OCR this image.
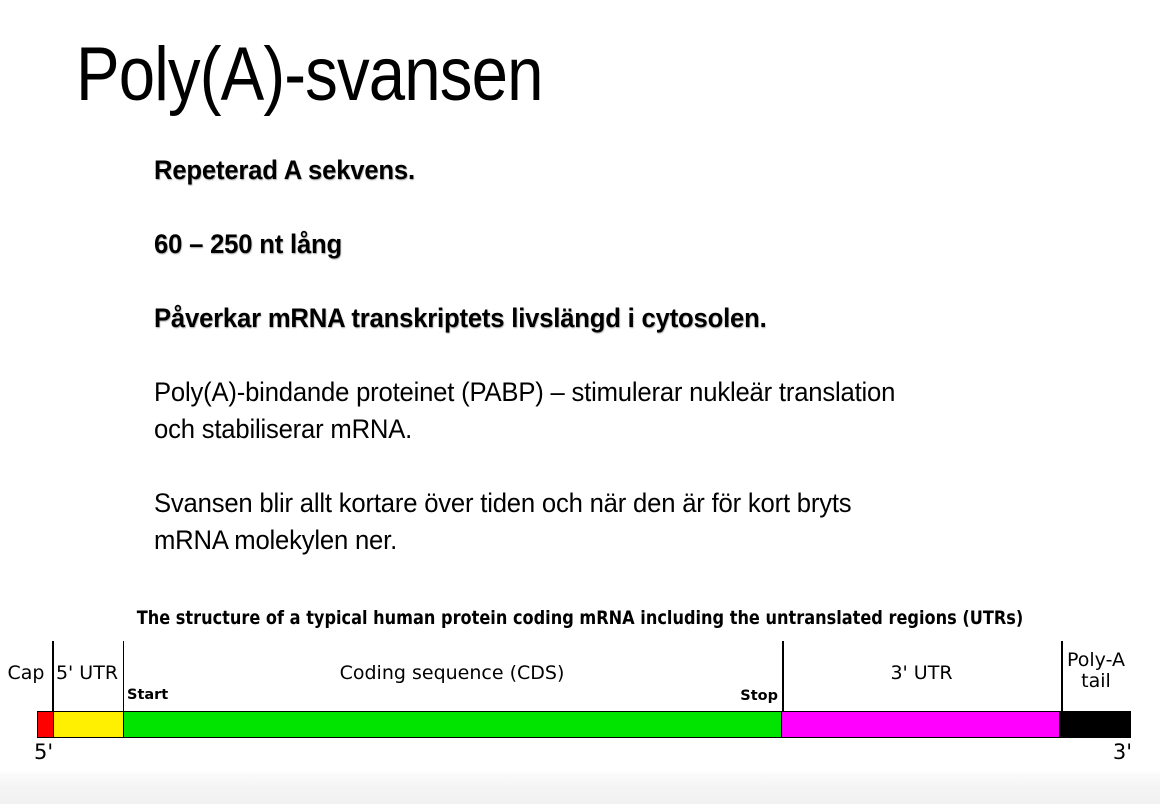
Poly(A)-svansen

Repeterad A sekvens.

60 – 250 nt lång

Påverkar mRNA transkriptets livslängd i cytosolen.

Poly(A)-bindande proteinet (PABP) – stimulerar nukleär translation
och stabiliserar mRNA.

Svansen blir allt kortare över tiden och när den är för kort bryts
mRNA molekylen ner.

The structure of a typical human protein coding mRNA including the untranslated regions (UTRs)
Cap 5' UTR	Coding sequence (CDS)	3' UTR
Poly-A
tail
Start	Stop
5'	3'
